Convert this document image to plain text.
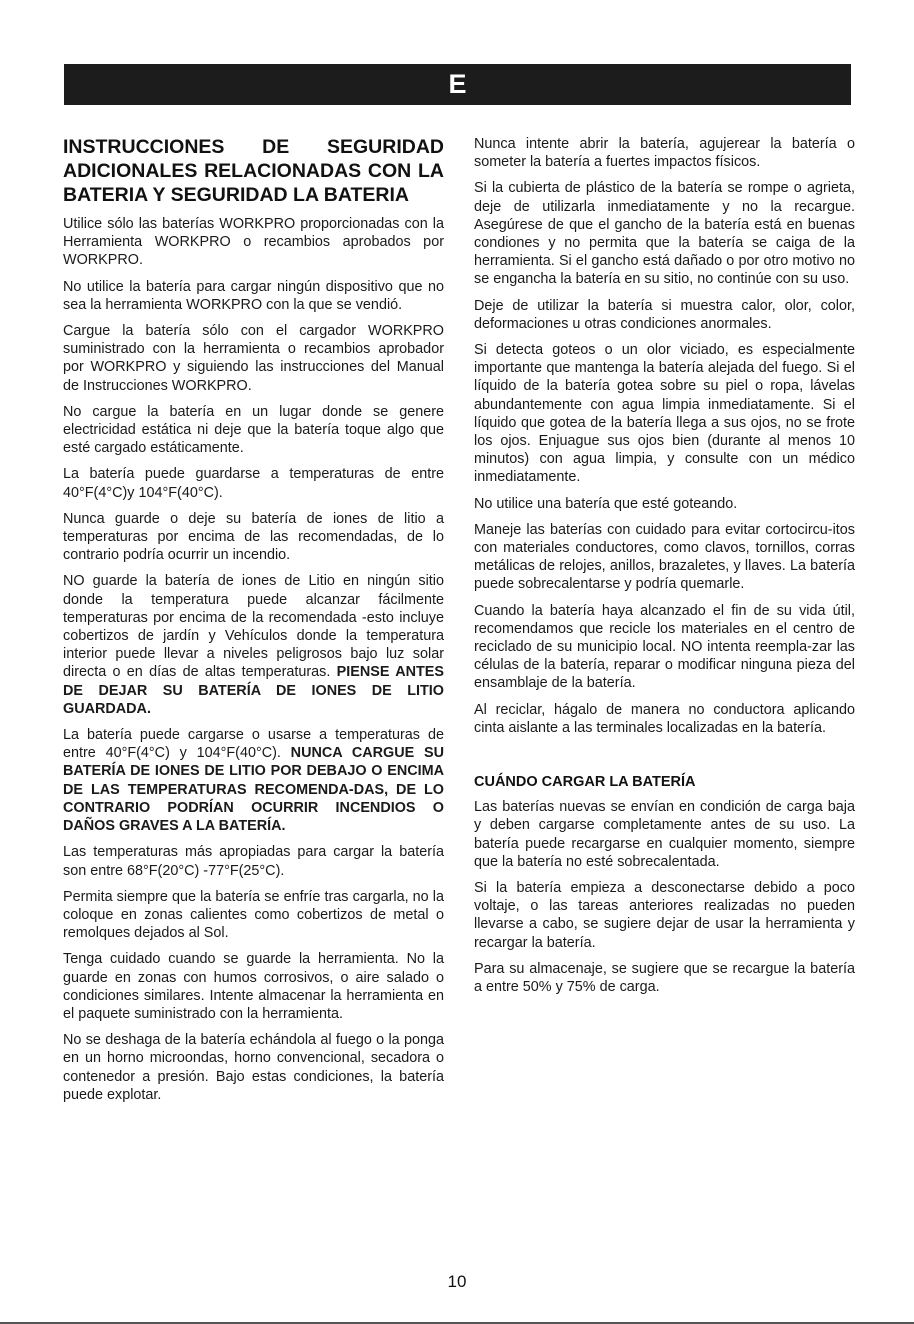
E
INSTRUCCIONES DE SEGURIDAD ADICIONALES RELACIONADAS CON LA BATERIA Y SEGURIDAD LA BATERIA

Utilice sólo las baterías WORKPRO proporcionadas con la Herramienta WORKPRO o recambios aprobados por WORKPRO.

No utilice la batería para cargar ningún dispositivo que no sea la herramienta WORKPRO con la que se vendió.

Cargue la batería sólo con el cargador WORKPRO suministrado con la herramienta o recambios aprobador por WORKPRO y siguiendo las instrucciones del Manual de Instrucciones WORKPRO.

No cargue la batería en un lugar donde se genere electricidad estática ni deje que la batería toque algo que esté cargado estáticamente.

La batería puede guardarse a temperaturas de entre 40°F(4°C)y 104°F(40°C).

Nunca guarde o deje su batería de iones de litio a temperaturas por encima de las recomendadas, de lo contrario podría ocurrir un incendio.

NO guarde la batería de iones de Litio en ningún sitio donde la temperatura puede alcanzar fácilmente temperaturas por encima de la recomendada -esto incluye cobertizos de jardín y Vehículos donde la temperatura interior puede llevar a niveles peligrosos bajo luz solar directa o en días de altas temperaturas. PIENSE ANTES DE DEJAR SU BATERÍA DE IONES DE LITIO GUARDADA.

La batería puede cargarse o usarse a temperaturas de entre 40°F(4°C) y 104°F(40°C). NUNCA CARGUE SU BATERÍA DE IONES DE LITIO POR DEBAJO O ENCIMA DE LAS TEMPERATURAS RECOMENDA-DAS, DE LO CONTRARIO PODRÍAN OCURRIR INCENDIOS O DAÑOS GRAVES A LA BATERÍA.

Las temperaturas más apropiadas para cargar la batería son entre 68°F(20°C) -77°F(25°C).

Permita siempre que la batería se enfríe tras cargarla, no la coloque en zonas calientes como cobertizos de metal o remolques dejados al Sol.

Tenga cuidado cuando se guarde la herramienta. No la guarde en zonas con humos corrosivos, o aire salado o condiciones similares. Intente almacenar la herramienta en el paquete suministrado con la herramienta.

No se deshaga de la batería echándola al fuego o la ponga en un horno microondas, horno convencional, secadora o contenedor a presión. Bajo estas condiciones, la batería puede explotar.

Nunca intente abrir la batería, agujerear la batería o someter la batería a fuertes impactos físicos.

Si la cubierta de plástico de la batería se rompe o agrieta, deje de utilizarla inmediatamente y no la recargue. Asegúrese de que el gancho de la batería está en buenas condiones y no permita que la batería se caiga de la herramienta. Si el gancho está dañado o por otro motivo no se engancha la batería en su sitio, no continúe con su uso.

Deje de utilizar la batería si muestra calor, olor, color, deformaciones u otras condiciones anormales.

Si detecta goteos o un olor viciado, es especialmente importante que mantenga la batería alejada del fuego. Si el líquido de la batería gotea sobre su piel o ropa, lávelas abundantemente con agua limpia inmediatamente. Si el líquido que gotea de la batería llega a sus ojos, no se frote los ojos. Enjuague sus ojos bien (durante al menos 10 minutos) con agua limpia, y consulte con un médico inmediatamente.

No utilice una batería que esté goteando.

Maneje las baterías con cuidado para evitar cortocircu-itos con materiales conductores, como clavos, tornillos, corras metálicas de relojes, anillos, brazaletes, y llaves. La batería puede sobrecalentarse y podría quemarle.

Cuando la batería haya alcanzado el fin de su vida útil, recomendamos que recicle los materiales en el centro de reciclado de su municipio local. NO intenta reempla-zar las células de la batería, reparar o modificar ninguna pieza del ensamblaje de la batería.

Al reciclar, hágalo de manera no conductora aplicando cinta aislante a las terminales localizadas en la batería.

CUÁNDO CARGAR LA BATERÍA

Las baterías nuevas se envían en condición de carga baja y deben cargarse completamente antes de su uso. La batería puede recargarse en cualquier momento, siempre que la batería no esté sobrecalentada.

Si la batería empieza a desconectarse debido a poco voltaje, o las tareas anteriores realizadas no pueden llevarse a cabo, se sugiere dejar de usar la herramienta y recargar la batería.

Para su almacenaje, se sugiere que se recargue la batería a entre 50% y 75% de carga.

10
